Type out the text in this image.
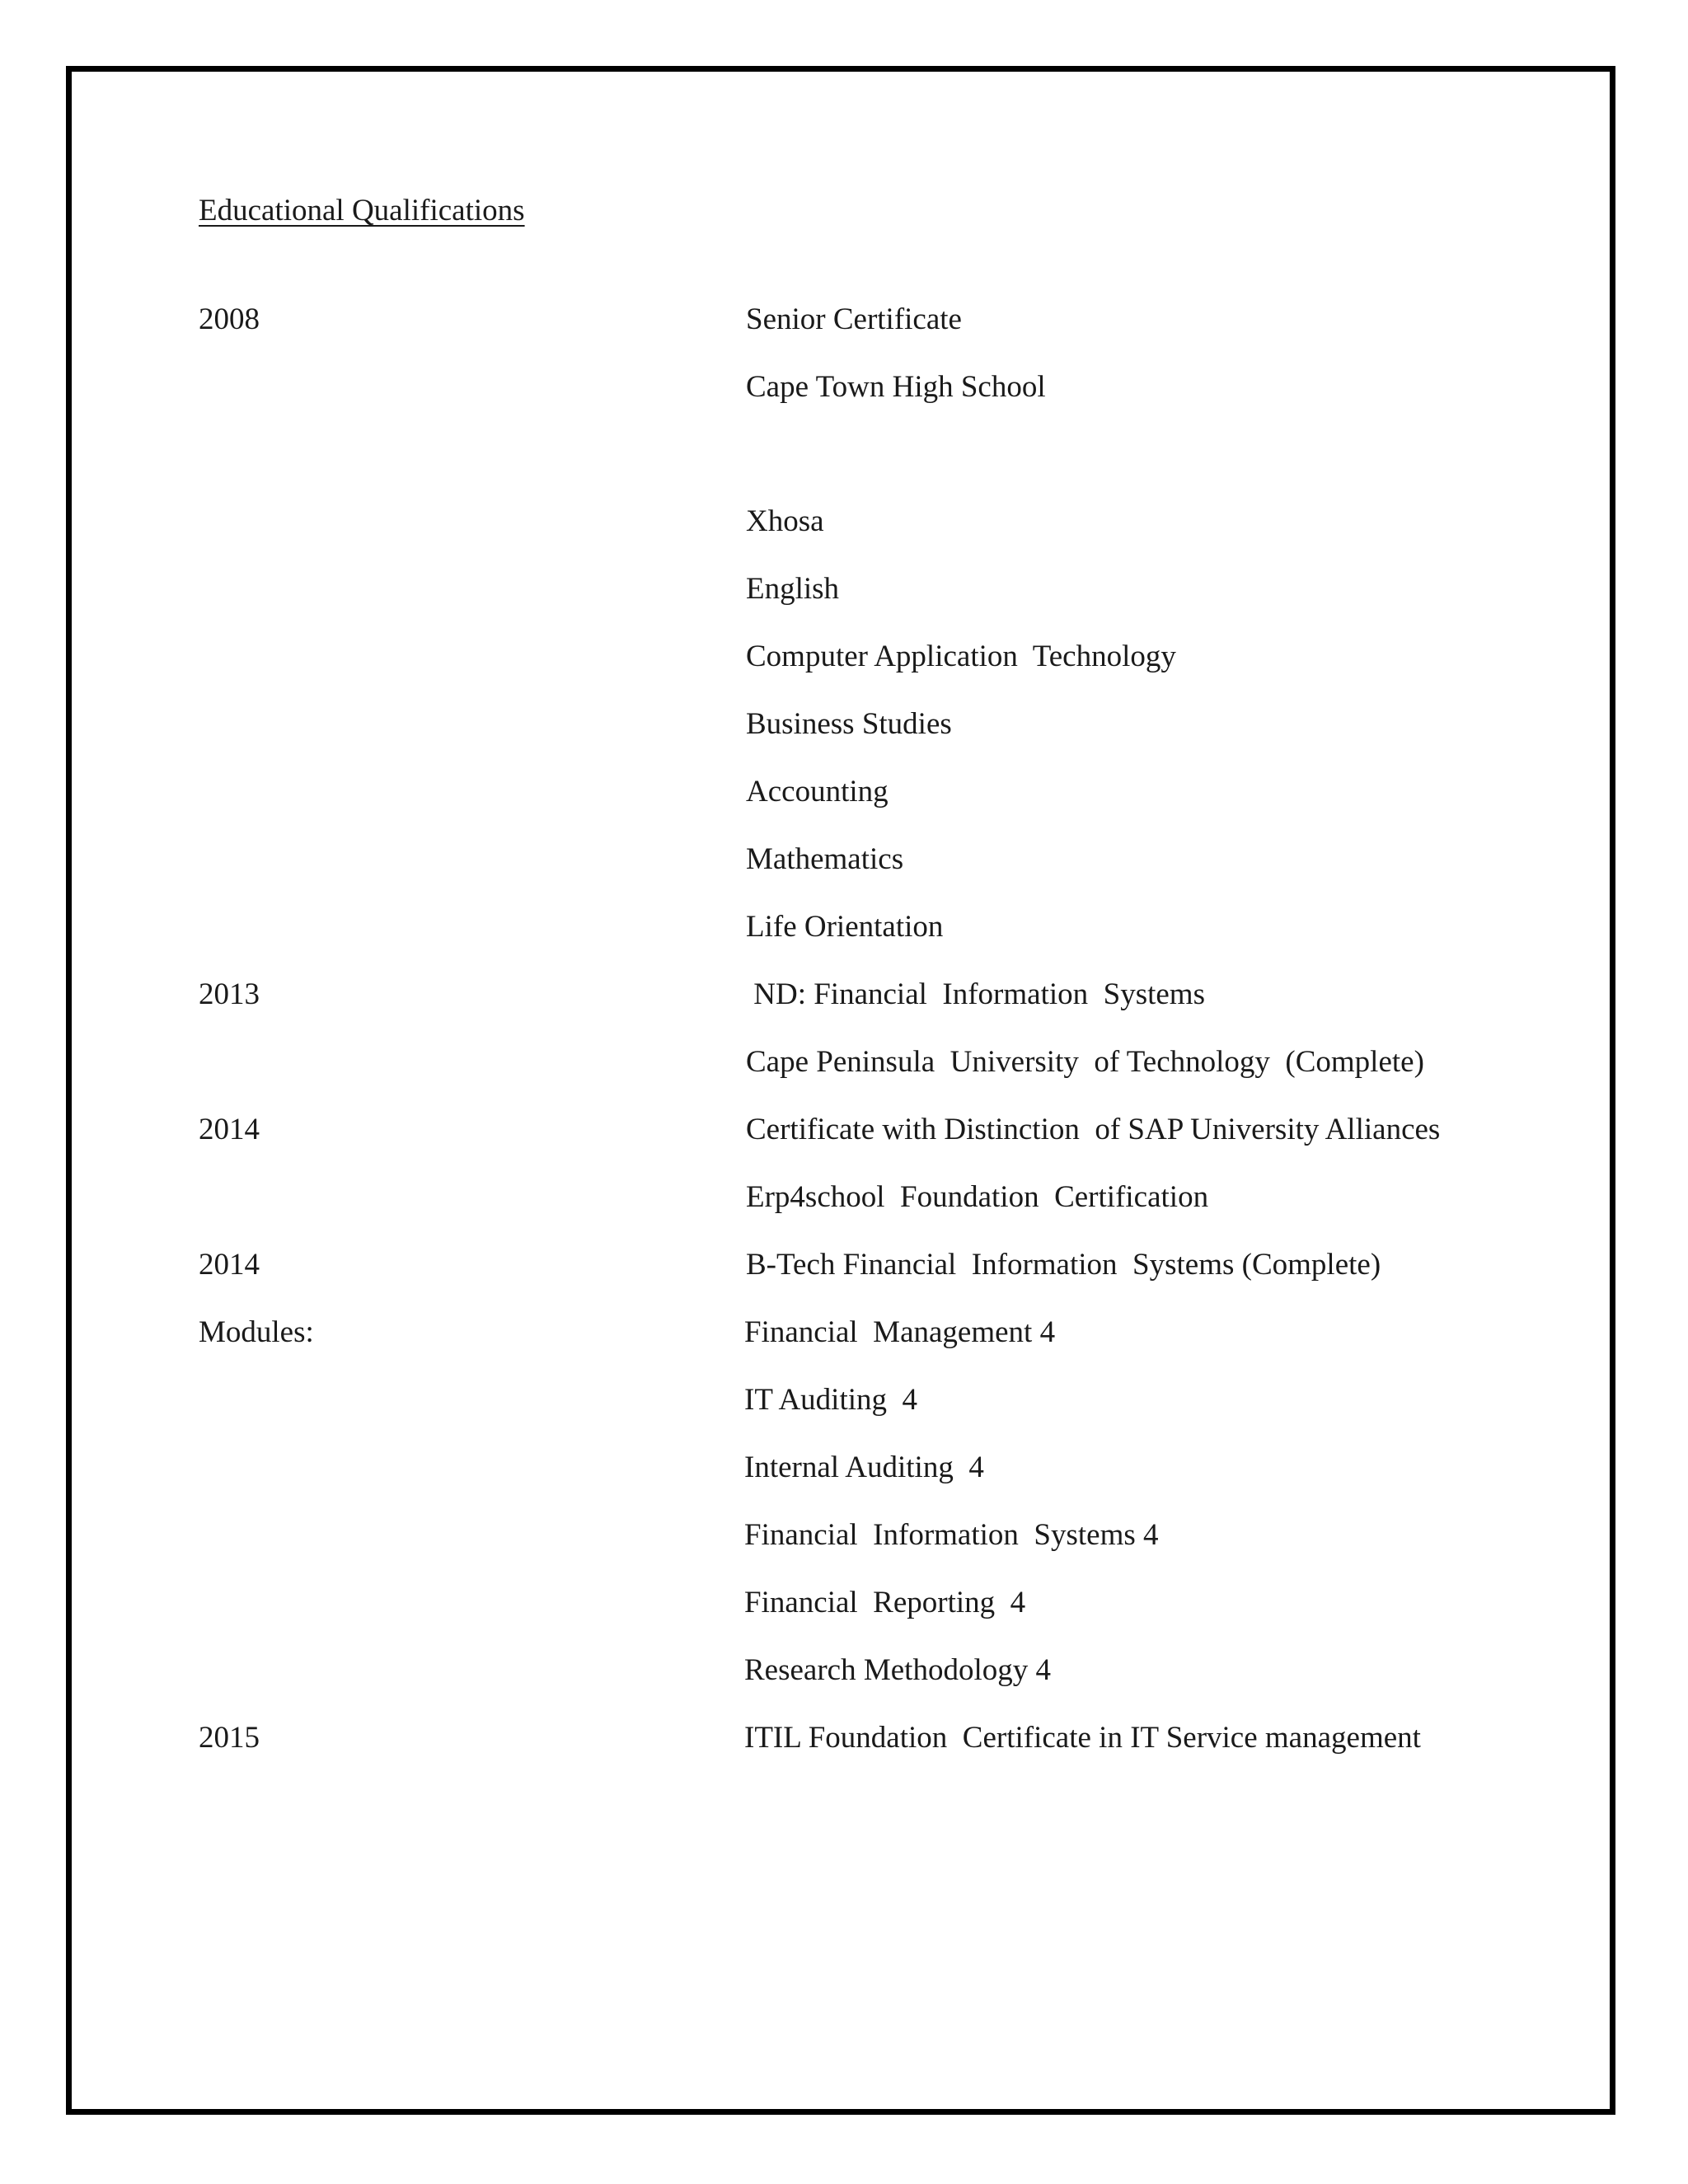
Educational Qualifications
2008	Senior Certificate
Cape Town High School
Xhosa
English
Computer Application  Technology
Business Studies
Accounting
Mathematics
Life Orientation
2013	ND: Financial  Information  Systems
Cape Peninsula  University  of Technology  (Complete)
2014	Certificate with Distinction  of SAP University Alliances
Erp4school  Foundation  Certification
2014	B-Tech Financial  Information  Systems (Complete)
Modules:	Financial  Management 4
IT Auditing  4
Internal Auditing  4
Financial  Information  Systems 4
Financial  Reporting  4
Research Methodology 4
2015	ITIL Foundation  Certificate in IT Service management
